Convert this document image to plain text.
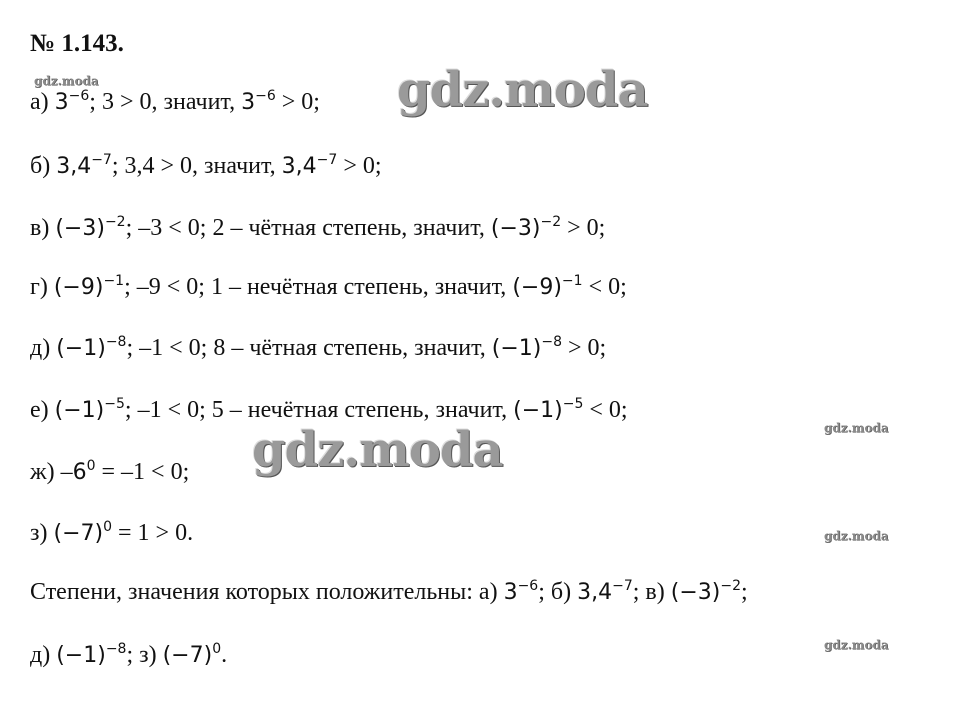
№ 1.143.
а) $3^{-6}$; 3 > 0, значит, $3^{-6} > 0$;
б) $3,4^{-7}$; 3,4 > 0, значит, $3,4^{-7} > 0$;
в) $(-3)^{-2}$; –3 < 0; 2 – чётная степень, значит, $(-3)^{-2} > 0$;
г) $(-9)^{-1}$; –9 < 0; 1 – нечётная степень, значит, $(-9)^{-1} < 0$;
д) $(-1)^{-8}$; –1 < 0; 8 – чётная степень, значит, $(-1)^{-8} > 0$;
е) $(-1)^{-5}$; –1 < 0; 5 – нечётная степень, значит, $(-1)^{-5} < 0$;
ж) $-6^0 = -1 < 0$;
з) $(-7)^0 = 1 > 0$.
Степени, значения которых положительны: а) $3^{-6}$; б) $3,4^{-7}$; в) $(-3)^{-2}$;
д) $(-1)^{-8}$; з) $(-7)^0$.
gdz.moda	gdz.moda
gdz.moda	gdz.moda
gdz.moda
gdz.moda
